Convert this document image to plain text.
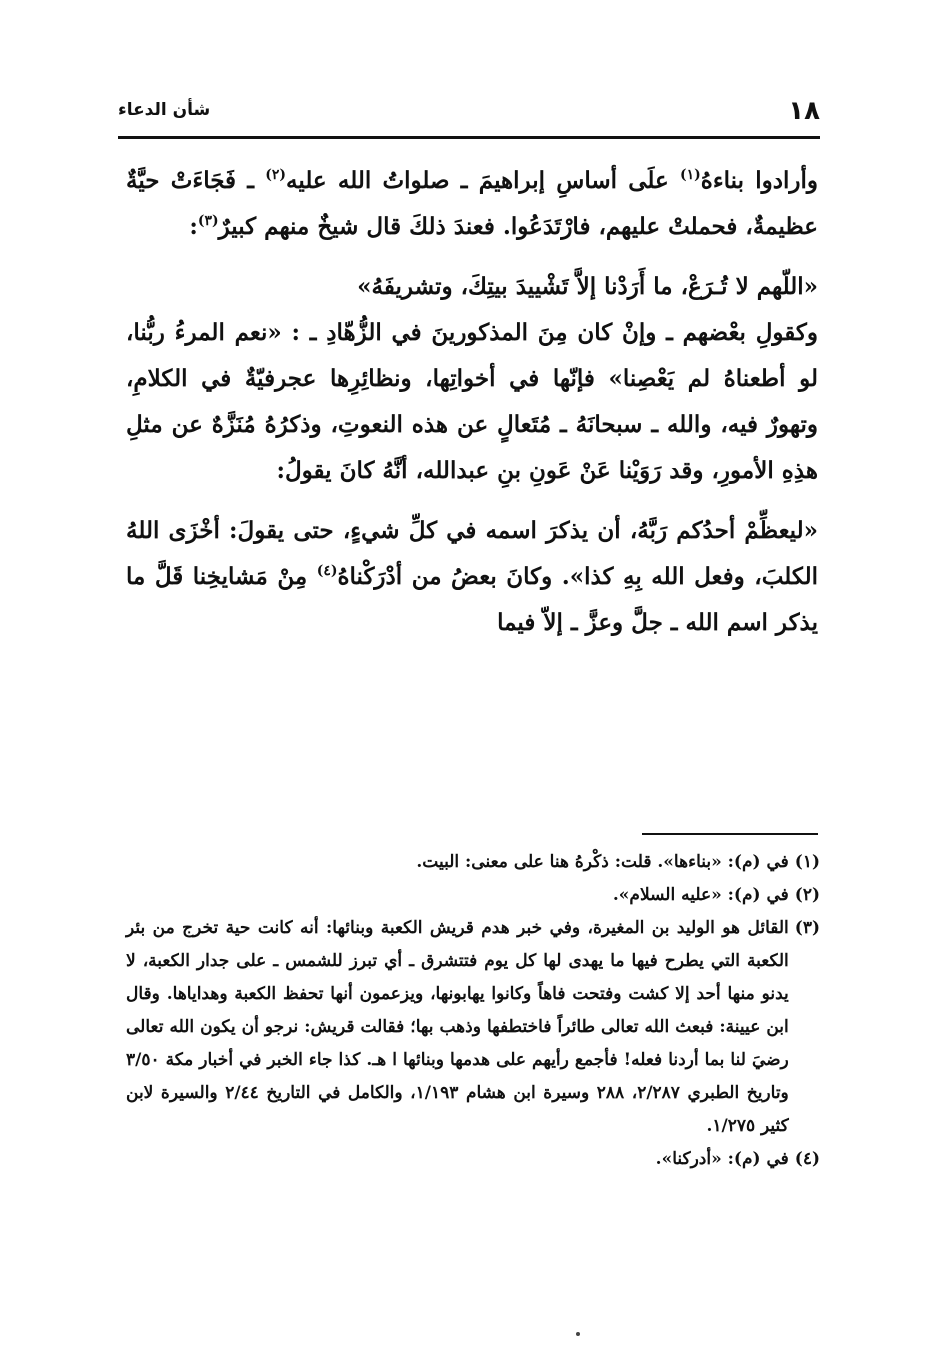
١٨
شأن الدعاء

وأرادوا بناءهُ$^{(١)}$ علَى أساسِ إبراهيمَ ـ صلواتُ الله عليه$^{(٢)}$ ـ فَجَاءَتْ حيَّةٌ عظيمةٌ، فحملتْ عليهم، فارْتَدَعُوا. فعندَ ذلكَ قال شيخٌ منهم كبيرٌ$^{(٣)}$:

«اللّهم لا تُـرَعْ، ما أَرَدْنا إلاَّ تَشْييدَ بيتِكَ، وتشريفَهُ»

وكقولِ بعْضهم ـ وإنْ كان مِنَ المذكورينَ في الزُّهّادِ ـ : «نعم المرءُ ربُّنا، لو أطعناهُ لم يَعْصِنا» فإنّها في أخواتِها، ونظائِرِها عجرفيّةٌ في الكلامِ، وتهورٌ فيه، والله ـ سبحانَهُ ـ مُتَعالٍ عن هذه النعوتِ، وذكرُهُ مُنَزَّهٌ عن مثلِ هذِهِ الأمورِ، وقد رَوَيْنا عَنْ عَونِ بنِ عبدالله، أنَّهُ كانَ يقولُ:

«ليعظِّمْ أحدُكم رَبَّهُ، أن يذكرَ اسمه في كلِّ شيءٍ، حتى يقولَ: أخْزَى اللهُ الكلبَ، وفعل الله بِهِ كذا». وكانَ بعضُ من أدْرَكْناهُ$^{(٤)}$ مِنْ مَشايخِنا قَلَّ ما يذكر اسم الله ـ جلَّ وعزَّ ـ إلاّ فيما

(١)
في (م): «بناءها». قلت: ذكْرهُ هنا على معنى: البيت.
(٢)
في (م): «عليه السلام».
(٣)
القائل هو الوليد بن المغيرة، وفي خبر هدم قريش الكعبة وبنائها: أنه كانت حية تخرج من بئر الكعبة التي يطرح فيها ما يهدى لها كل يوم فتتشرق ـ أي تبرز للشمس ـ على جدار الكعبة، لا يدنو منها أحد إلا كشت وفتحت فاهاً وكانوا يهابونها، ويزعمون أنها تحفظ الكعبة وهداياها. وقال ابن عيينة: فبعث الله تعالى طائراً فاختطفها وذهب بها؛ فقالت قريش: نرجو أن يكون الله تعالى رضيَ لنا بما أردنا فعله! فأجمع رأيهم على هدمها وبنائها ا هـ. كذا جاء الخبر في أخبار مكة ٣/٥٠ وتاريخ الطبري ٢/٢٨٧، ٢٨٨ وسيرة ابن هشام ١/١٩٣، والكامل في التاريخ ٢/٤٤ والسيرة لابن كثير ١/٢٧٥.
(٤)
في (م): «أدركنا».
